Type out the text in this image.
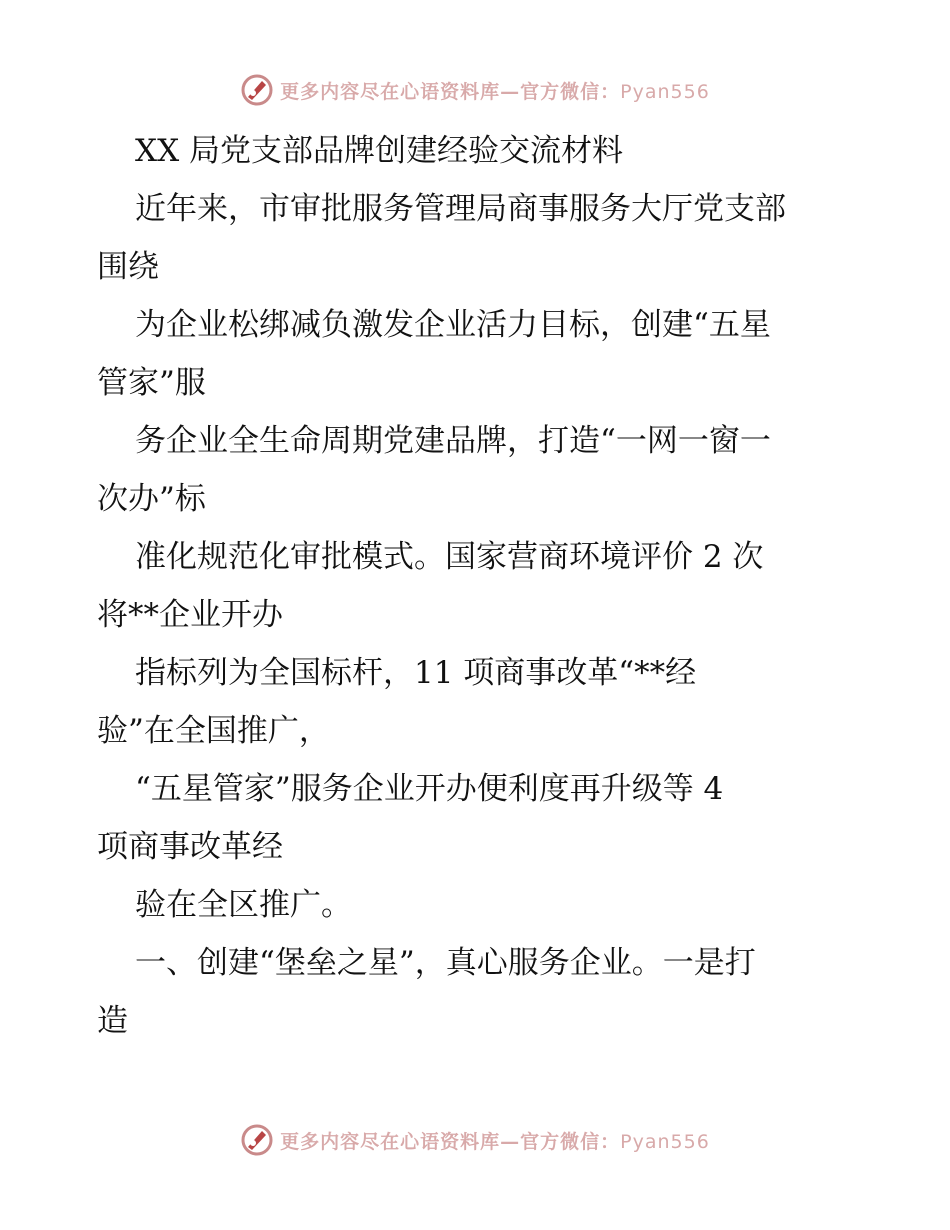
更多内容尽在心语资料库—官方微信：Pyan556
XX 局党支部品牌创建经验交流材料
近年来，市审批服务管理局商事服务大厅党支部
围绕
为企业松绑减负激发企业活力目标，创建“五星
管家”服
务企业全生命周期党建品牌，打造“一网一窗一
次办”标
准化规范化审批模式。国家营商环境评价 2 次
将**企业开办
指标列为全国标杆，11 项商事改革“**经
验”在全国推广，
“五星管家”服务企业开办便利度再升级等 4
项商事改革经
验在全区推广。
一、创建“堡垒之星”，真心服务企业。一是打
造
更多内容尽在心语资料库—官方微信：Pyan556
